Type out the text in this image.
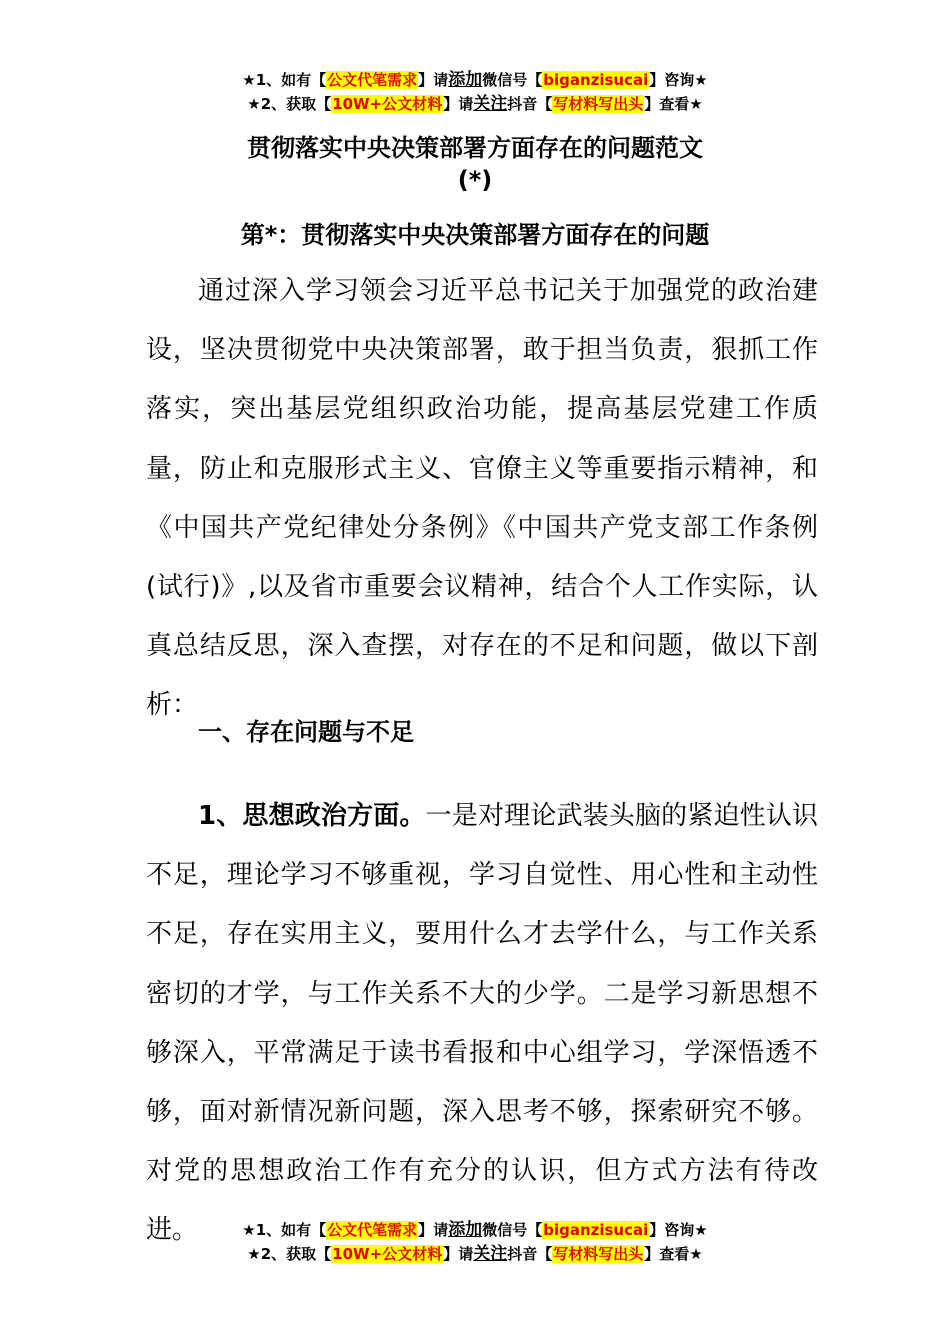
★1、如有【公文代笔需求】请添加微信号【biganzisucai】咨询★
★2、获取【10W+公文材料】请关注抖音【写材料写出头】查看★
贯彻落实中央决策部署方面存在的问题范文
(*)
第*：贯彻落实中央决策部署方面存在的问题
通过深入学习领会习近平总书记关于加强党的政治建设，坚决贯彻党中央决策部署，敢于担当负责，狠抓工作落实，突出基层党组织政治功能，提高基层党建工作质量，防止和克服形式主义、官僚主义等重要指示精神，和《中国共产党纪律处分条例》《中国共产党支部工作条例(试行)》,以及省市重要会议精神，结合个人工作实际，认真总结反思，深入查摆，对存在的不足和问题，做以下剖析：
一、存在问题与不足
1、思想政治方面。一是对理论武装头脑的紧迫性认识不足，理论学习不够重视，学习自觉性、用心性和主动性不足，存在实用主义，要用什么才去学什么，与工作关系密切的才学，与工作关系不大的少学。二是学习新思想不够深入，平常满足于读书看报和中心组学习，学深悟透不够，面对新情况新问题，深入思考不够，探索研究不够。对党的思想政治工作有充分的认识，但方式方法有待改进。	★1、如有【公文代笔需求】请添加微信号【biganzisucai】咨询★
★2、获取【10W+公文材料】请关注抖音【写材料写出头】查看★
